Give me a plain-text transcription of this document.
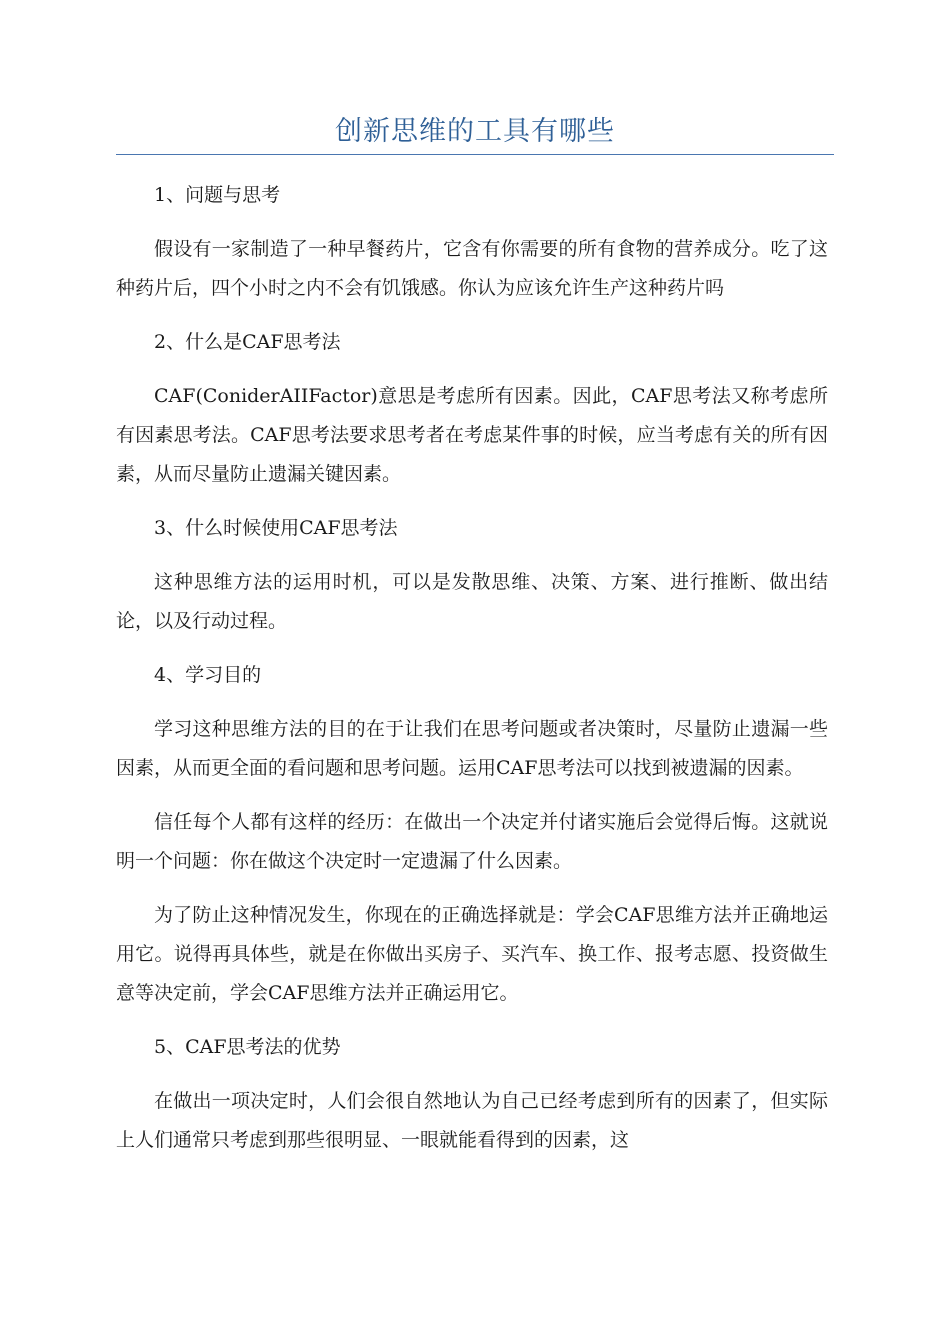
创新思维的工具有哪些

1、问题与思考

假设有一家制造了一种早餐药片，它含有你需要的所有食物的营养成分。吃了这种药片后，四个小时之内不会有饥饿感。你认为应该允许生产这种药片吗

2、什么是CAF思考法

CAF(ConiderAIIFactor)意思是考虑所有因素。因此，CAF思考法又称考虑所有因素思考法。CAF思考法要求思考者在考虑某件事的时候，应当考虑有关的所有因素，从而尽量防止遗漏关键因素。

3、什么时候使用CAF思考法

这种思维方法的运用时机，可以是发散思维、决策、方案、进行推断、做出结论，以及行动过程。

4、学习目的

学习这种思维方法的目的在于让我们在思考问题或者决策时，尽量防止遗漏一些因素，从而更全面的看问题和思考问题。运用CAF思考法可以找到被遗漏的因素。

信任每个人都有这样的经历：在做出一个决定并付诸实施后会觉得后悔。这就说明一个问题：你在做这个决定时一定遗漏了什么因素。

为了防止这种情况发生，你现在的正确选择就是：学会CAF思维方法并正确地运用它。说得再具体些，就是在你做出买房子、买汽车、换工作、报考志愿、投资做生意等决定前，学会CAF思维方法并正确运用它。

5、CAF思考法的优势

在做出一项决定时，人们会很自然地认为自己已经考虑到所有的因素了，但实际上人们通常只考虑到那些很明显、一眼就能看得到的因素，这
